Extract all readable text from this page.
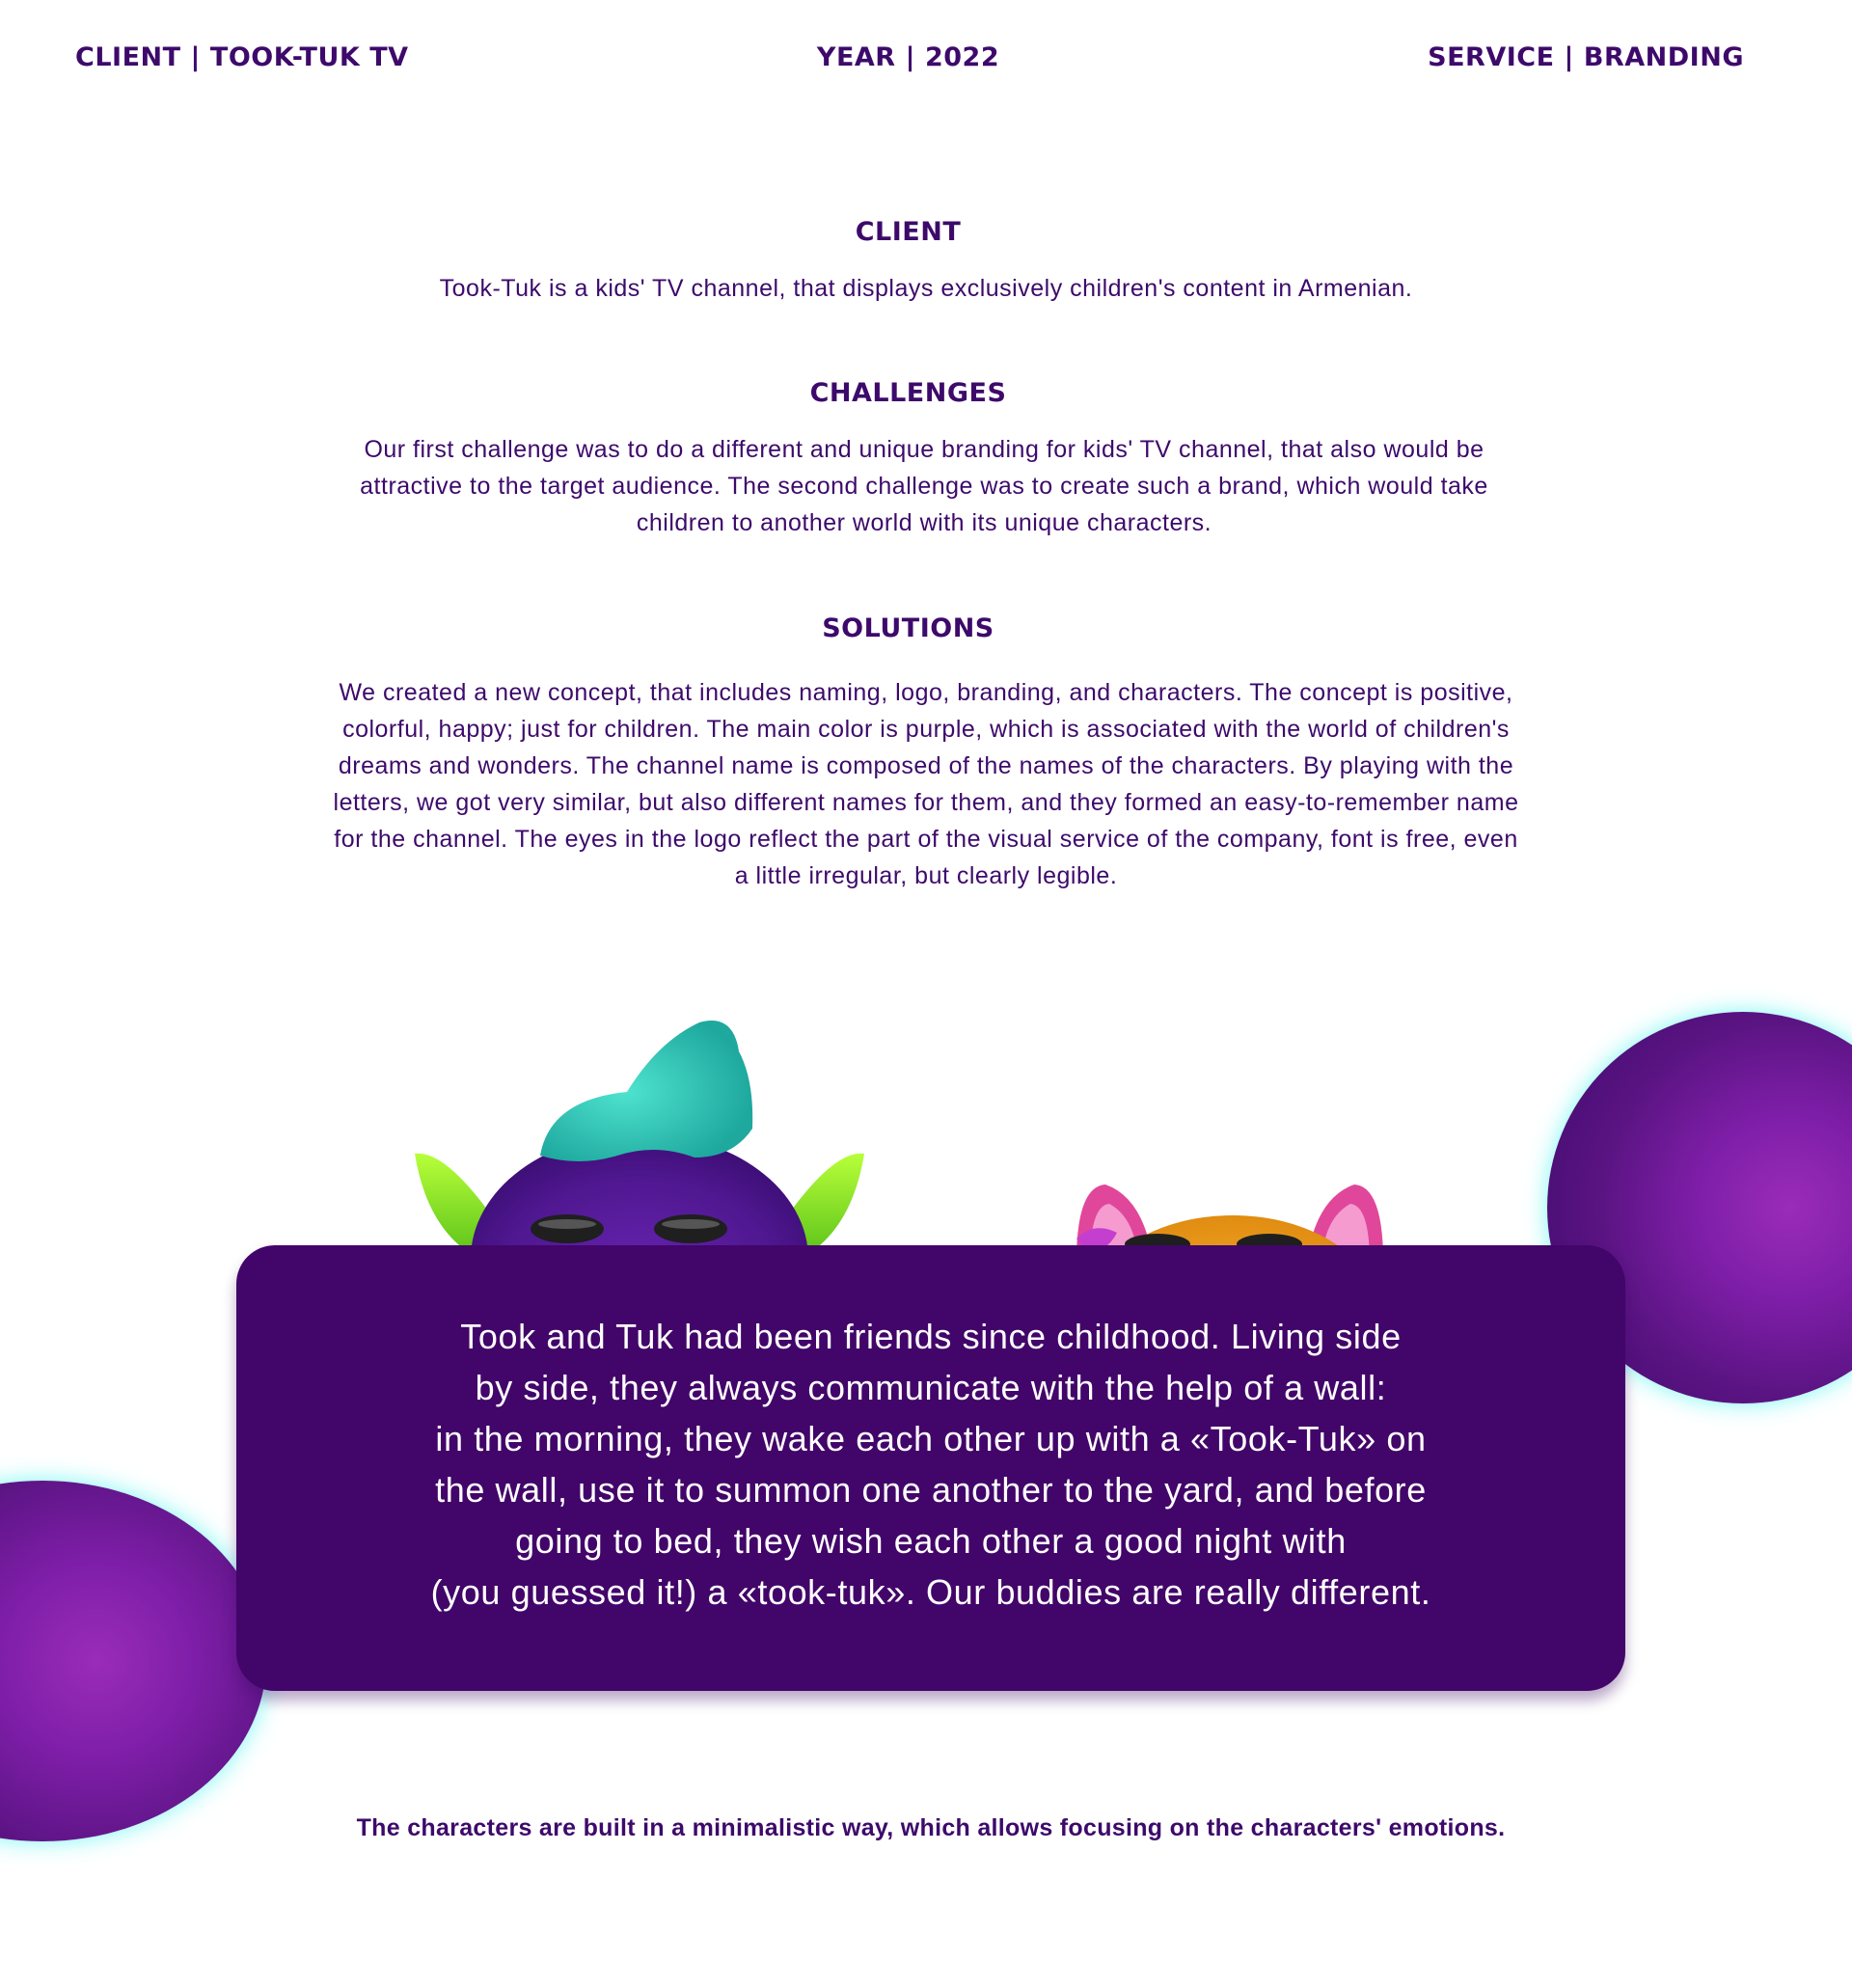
CLIENT | TOOK-TUK TV	YEAR | 2022	SERVICE | BRANDING
CLIENT

Took-Tuk is a kids' TV channel, that displays exclusively children's content in Armenian.

CHALLENGES

Our first challenge was to do a different and unique branding for kids' TV channel, that also would be attractive to the target audience. The second challenge was to create such a brand, which would take children to another world with its unique characters.

SOLUTIONS

We created a new concept, that includes naming, logo, branding, and characters. The concept is positive, colorful, happy; just for children. The main color is purple, which is associated with the world of children's dreams and wonders. The channel name is composed of the names of the characters. By playing with the letters, we got very similar, but also different names for them, and they formed an easy-to-remember name for the channel. The eyes in the logo reflect the part of the visual service of the company, font is free, even a little irregular, but clearly legible.

Took and Tuk had been friends since childhood. Living side
by side, they always communicate with the help of a wall:
in the morning, they wake each other up with a «Took-Tuk» on
the wall, use it to summon one another to the yard, and before
going to bed, they wish each other a good night with
(you guessed it!) a «took-tuk». Our buddies are really different.

The characters are built in a minimalistic way, which allows focusing on the characters' emotions.
